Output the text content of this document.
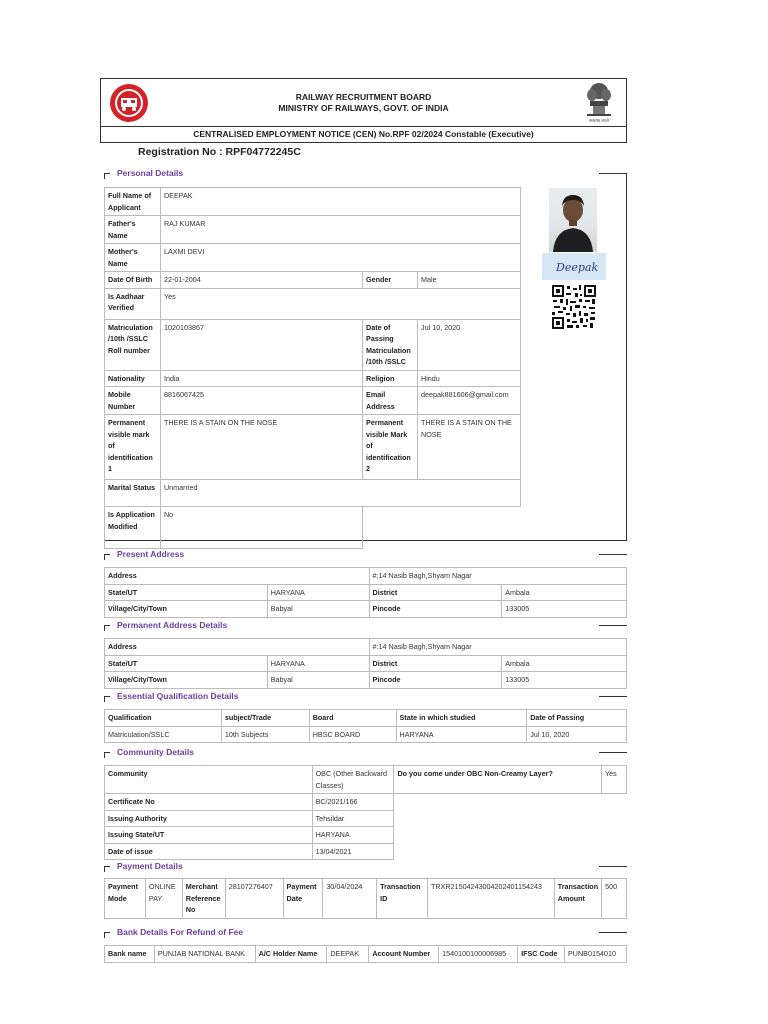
RAILWAY RECRUITMENT BOARD
MINISTRY OF RAILWAYS, GOVT. OF INDIA
सत्यमेव जयते
CENTRALISED EMPLOYMENT NOTICE (CEN) No.RPF 02/2024 Constable (Executive)
Registration No : RPF04772245C
Personal Details
Full Name of Applicant	DEEPAK		
Father's Name	RAJ KUMAR		
Mother's Name	LAXMI DEVI		
Date Of Birth	22-01-2004	Gender	Male
Is Aadhaar Verified	Yes		
Matriculation /10th /SSLC Roll number	1020103867	Date of Passing Matriculation /10th /SSLC	Jul 10, 2020
Nationality	India	Religion	Hindu
Mobile Number	8816067425	Email Address	deepak881606@gmail.com
Permanent visible mark of identification 1	THERE IS A STAIN ON THE NOSE	Permanent visible Mark of identification 2	THERE IS A STAIN ON THE NOSE
Marital Status	Unmarried		
Is Application Modified	No		
Deepak
Present Address
Address		#:14 Nasib Bagh,Shyam Nagar	
State/UT	HARYANA	District	Ambala
Village/City/Town	Babyal	Pincode	133005
Permanent Address Details
Address		#:14 Nasib Bagh,Shyam Nagar	
State/UT	HARYANA	District	Ambala
Village/City/Town	Babyal	Pincode	133005
Essential Qualification Details
Qualification	subject/Trade	Board	State in which studied	Date of Passing
Matriculation/SSLC	10th Subjects	HBSC BOARD	HARYANA	Jul 10, 2020
Community Details
Community	OBC (Other Backward Classes)	Do you come under OBC Non-Creamy Layer?	Yes
Certificate No	BC/2021/166		
Issuing Authority	Tehsildar		
Issuing State/UT	HARYANA		
Date of issue	13/04/2021		
Payment Details
Payment Mode	ONLINE PAY	Merchant Reference No	28107276407	Payment Date	30/04/2024	Transaction ID	TRXR21504243004202401154243	Transaction Amount	500
Bank Details For Refund of Fee
Bank name	PUNJAB NATIONAL BANK	A/C Holder Name	DEEPAK	Account Number	1540100100006985	IFSC Code	PUNB0154010
